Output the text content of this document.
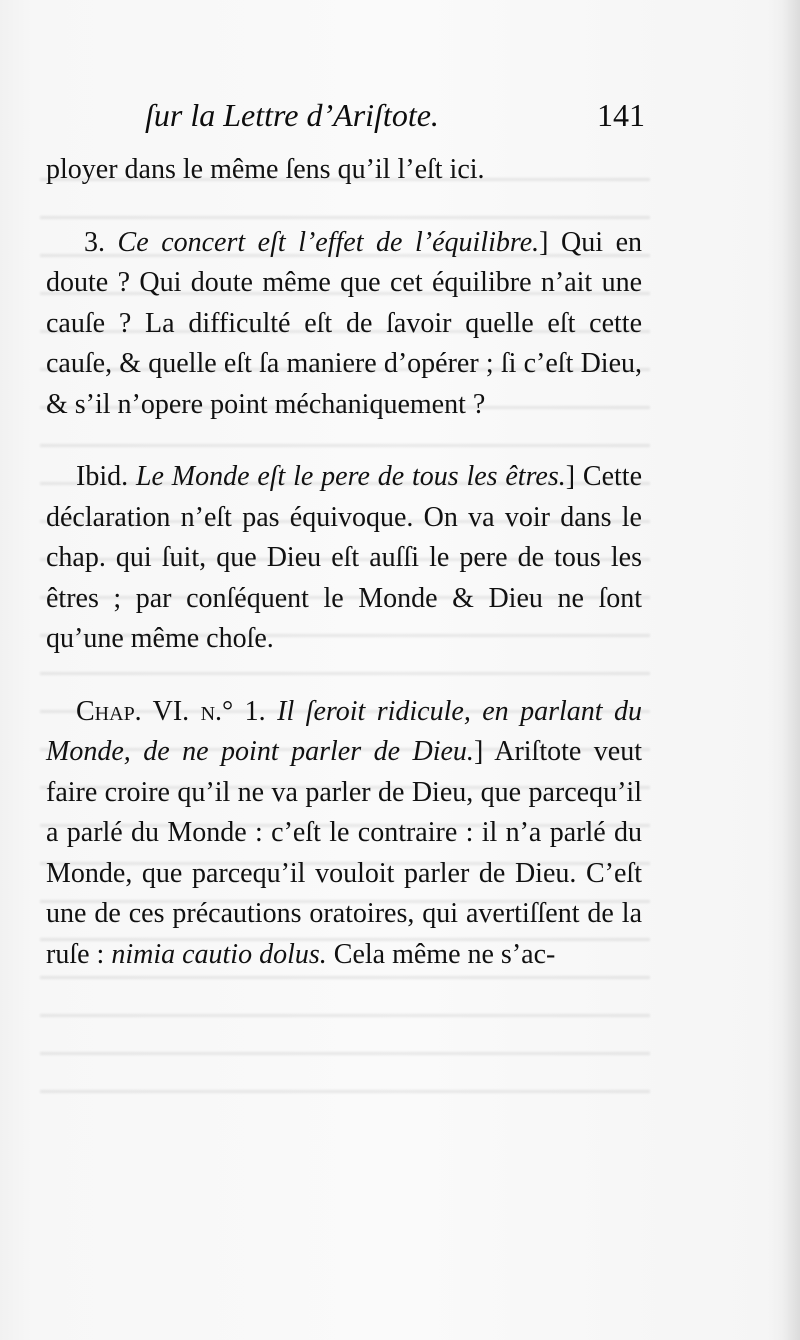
ſur la Lettre d’Ariſtote.	141

ployer dans le même ſens qu’il l’eſt ici.

3. Ce concert eſt l’effet de l’équilibre.] Qui en doute ? Qui doute même que cet équilibre n’ait une cauſe ? La difficulté eſt de ſavoir quelle eſt cette cauſe, & quelle eſt ſa maniere d’opérer ; ſi c’eſt Dieu, & s’il n’opere point méchaniquement ?

Ibid. Le Monde eſt le pere de tous les êtres.] Cette déclaration n’eſt pas équivoque. On va voir dans le chap. qui ſuit, que Dieu eſt auſſi le pere de tous les êtres ; par conſéquent le Monde & Dieu ne ſont qu’une même choſe.

Chap. VI. n.° 1. Il ſeroit ridicule, en parlant du Monde, de ne point parler de Dieu.] Ariſtote veut faire croire qu’il ne va parler de Dieu, que parcequ’il a parlé du Monde : c’eſt le contraire : il n’a parlé du Monde, que parcequ’il vouloit parler de Dieu. C’eſt une de ces précautions oratoires, qui avertiſſent de la ruſe : nimia cautio dolus. Cela même ne s’ac-
